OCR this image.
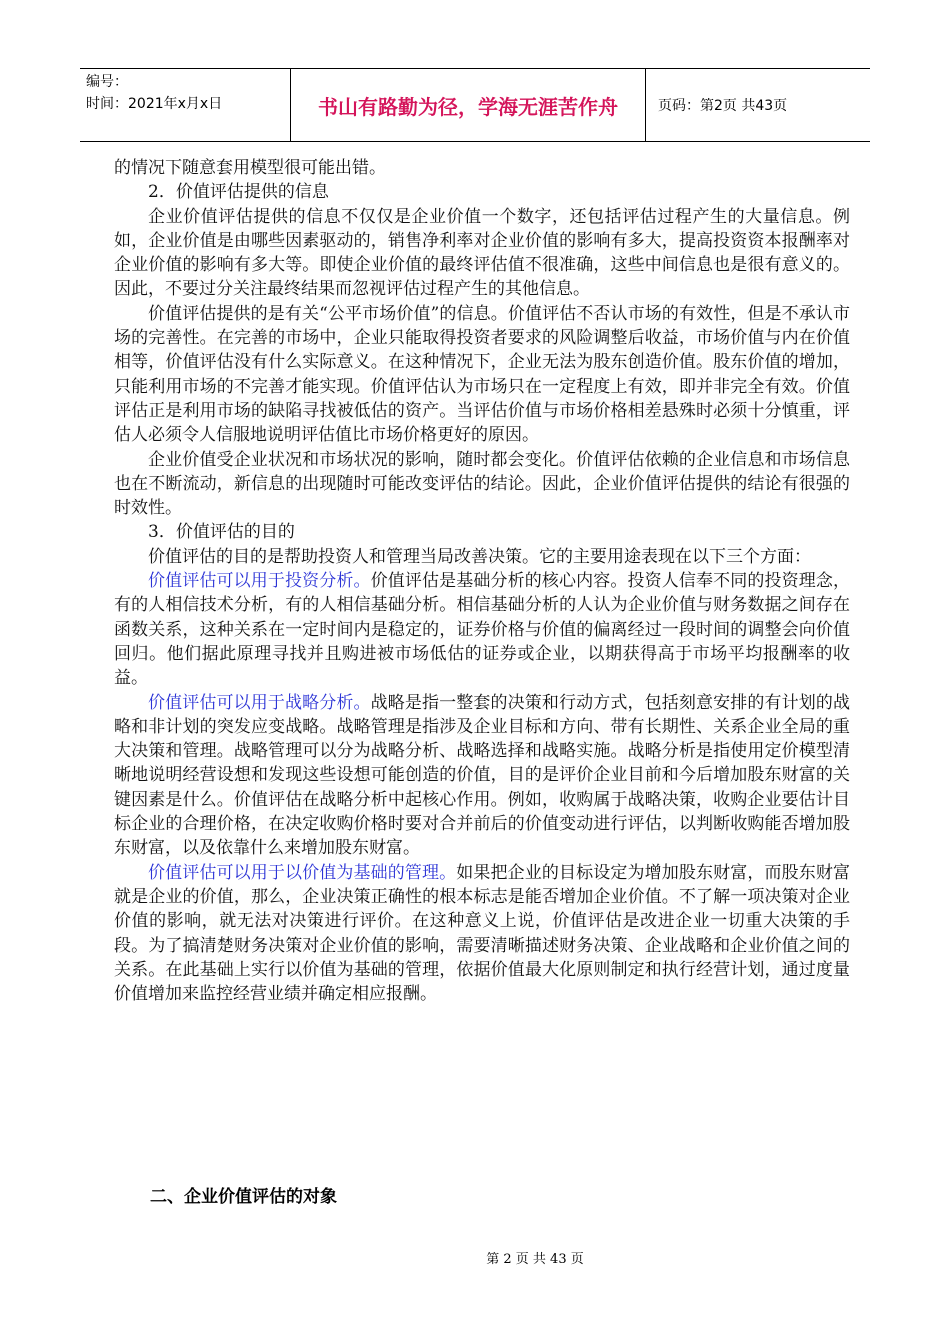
编号：
时间：2021年x月x日	书山有路勤为径，学海无涯苦作舟	页码：第2页 共43页

的情况下随意套用模型很可能出错。

2．价值评估提供的信息

企业价值评估提供的信息不仅仅是企业价值一个数字，还包括评估过程产生的大量信息。例如，企业价值是由哪些因素驱动的，销售净利率对企业价值的影响有多大，提高投资资本报酬率对企业价值的影响有多大等。即使企业价值的最终评估值不很准确，这些中间信息也是很有意义的。因此，不要过分关注最终结果而忽视评估过程产生的其他信息。

价值评估提供的是有关“公平市场价值”的信息。价值评估不否认市场的有效性，但是不承认市场的完善性。在完善的市场中，企业只能取得投资者要求的风险调整后收益，市场价值与内在价值相等，价值评估没有什么实际意义。在这种情况下，企业无法为股东创造价值。股东价值的增加，只能利用市场的不完善才能实现。价值评估认为市场只在一定程度上有效，即并非完全有效。价值评估正是利用市场的缺陷寻找被低估的资产。当评估价值与市场价格相差悬殊时必须十分慎重，评估人必须令人信服地说明评估值比市场价格更好的原因。

企业价值受企业状况和市场状况的影响，随时都会变化。价值评估依赖的企业信息和市场信息也在不断流动，新信息的出现随时可能改变评估的结论。因此，企业价值评估提供的结论有很强的时效性。

3．价值评估的目的

价值评估的目的是帮助投资人和管理当局改善决策。它的主要用途表现在以下三个方面：

价值评估可以用于投资分析。价值评估是基础分析的核心内容。投资人信奉不同的投资理念，有的人相信技术分析，有的人相信基础分析。相信基础分析的人认为企业价值与财务数据之间存在函数关系，这种关系在一定时间内是稳定的，证券价格与价值的偏离经过一段时间的调整会向价值回归。他们据此原理寻找并且购进被市场低估的证券或企业，以期获得高于市场平均报酬率的收益。

价值评估可以用于战略分析。战略是指一整套的决策和行动方式，包括刻意安排的有计划的战略和非计划的突发应变战略。战略管理是指涉及企业目标和方向、带有长期性、关系企业全局的重大决策和管理。战略管理可以分为战略分析、战略选择和战略实施。战略分析是指使用定价模型清晰地说明经营设想和发现这些设想可能创造的价值，目的是评价企业目前和今后增加股东财富的关键因素是什么。价值评估在战略分析中起核心作用。例如，收购属于战略决策，收购企业要估计目标企业的合理价格，在决定收购价格时要对合并前后的价值变动进行评估，以判断收购能否增加股东财富，以及依靠什么来增加股东财富。

价值评估可以用于以价值为基础的管理。如果把企业的目标设定为增加股东财富，而股东财富就是企业的价值，那么，企业决策正确性的根本标志是能否增加企业价值。不了解一项决策对企业价值的影响，就无法对决策进行评价。在这种意义上说，价值评估是改进企业一切重大决策的手段。为了搞清楚财务决策对企业价值的影响，需要清晰描述财务决策、企业战略和企业价值之间的关系。在此基础上实行以价值为基础的管理，依据价值最大化原则制定和执行经营计划，通过度量价值增加来监控经营业绩并确定相应报酬。

二、企业价值评估的对象
第 2 页 共 43 页
